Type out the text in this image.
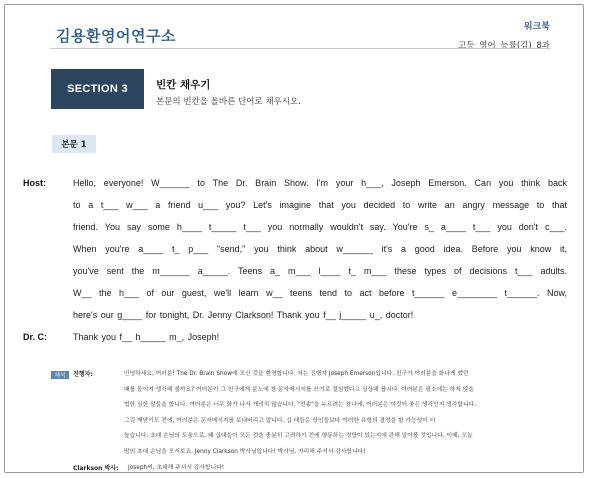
김용환영어연구소	워크북
고등 영어 능률(김) 8과
SECTION 3	빈칸 채우기
본문의 빈칸을 올바른 단어로 채우시오.
본문 1
Host:	Hello, everyone! W______ to The Dr. Brain Show. I'm your h___, Joseph Emerson. Can you think back
to a t___ w___ a friend u___ you? Let's imagine that you decided to write an angry message to that
friend. You say some h____ t_____ t___ you normally wouldn't say. You're s_ a____ t___ you don't c___.
When you're a____ t_ p___ "send," you think about w______ it's a good idea. Before you know it,
you've sent the m______ a_____. Teens a_ m___ l____ t_ m___ these types of decisions t___ adults.
W__ the h___ of our guest, we'll learn w__ teens tend to act before t______ e________ t______. Now,
here's our g____ for tonight, Dr. Jenny Clarkson! Thank you f__ j_____ u_, doctor!
Dr. C:	Thank you f__ h_____ m_, Joseph!
해석	진행자:	안녕하세요, 여러분! The Dr. Brain Show에 오신 것을 환영합니다. 저는 진행자 Joseph Emerson입니다. 친구가 여러분을 화나게 했던
때를 돌이켜 생각해 볼까요? 여러분이 그 친구에게 분노에 찬 문자메시지를 쓰기로 결심했다고 상상해 봅시다. 여러분은 평소에는 하지 않을
법한 심한 말들을 합니다. 여러분은 너무 화가 나서 개의치 않습니다. "전송"을 누르려는 참나에, 여러분은 이것이 좋은 생각인지 생각합니다.
그걸 깨닫기도 전에, 여러분은 문자메시지를 보내버리고 맙니다. 십 대들은 성인들보다 이러한 유형의 결정을 할 가능성이 더
높습니다. 초대 손님의 도움으로, 왜 십대들이 모든 것을 충분히 고려하기 전에 행동하는 경향이 있는지에 관해 알아볼 것입니다. 이제, 오늘
밤의 초대 손님을 모셔보죠. Jenny Clarkson 박사님입니다! 박사님, 자리해 주셔서 감사합니다!
Clarkson 박사:	Joseph씨, 초대해 주셔서 감사합니다!
